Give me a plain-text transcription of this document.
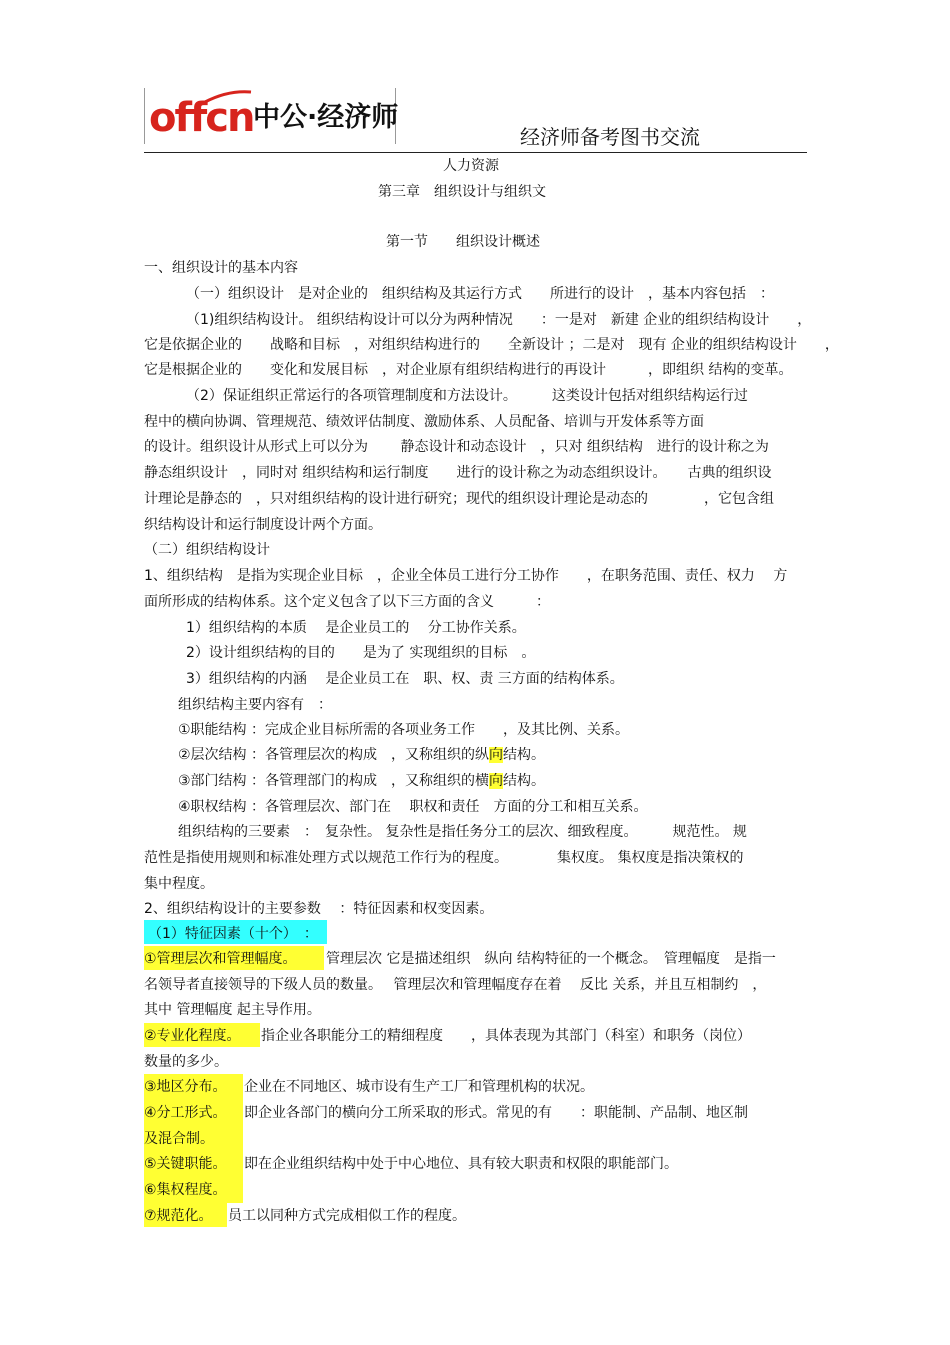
offcn 中公·经济师
经济师备考图书交流
人力资源
第三章　组织设计与组织文
第一节　　组织设计概述
一、组织设计的基本内容
（一）组织设计　是对企业的　组织结构及其运行方式　　所进行的设计　，基本内容包括　：
（1)组织结构设计。 组织结构设计可以分为两种情况　　：一是对　新建 企业的组织结构设计　　，
它是依据企业的　　战略和目标　，对组织结构进行的　　全新设计 ；二是对　现有 企业的组织结构设计　　，
它是根据企业的　　变化和发展目标　，对企业原有组织结构进行的再设计　　　，即组织 结构的变革。
（2）保证组织正常运行的各项管理制度和方法设计。　　　这类设计包括对组织结构运行过
程中的横向协调、管理规范、绩效评估制度、激励体系、人员配备、培训与开发体系等方面
的设计。组织设计从形式上可以分为　　 静态设计和动态设计　，只对 组织结构　进行的设计称之为
静态组织设计　，同时对 组织结构和运行制度　　进行的设计称之为动态组织设计。　　古典的组织设
计理论是静态的　，只对组织结构的设计进行研究；现代的组织设计理论是动态的　　　　，它包含组
织结构设计和运行制度设计两个方面。
（二）组织结构设计
1、组织结构　是指为实现企业目标　，企业全体员工进行分工协作　　，在职务范围、责任、权力　 方
面所形成的结构体系。这个定义包含了以下三方面的含义　　　：
1）组织结构的本质　 是企业员工的　 分工协作关系。
2）设计组织结构的目的　　是为了 实现组织的目标　。
3）组织结构的内涵　 是企业员工在　职、权、责 三方面的结构体系。
组织结构主要内容有　：
①职能结构 ：完成企业目标所需的各项业务工作　　，及其比例、关系。
②层次结构 ：各管理层次的构成　，又称组织的纵向结构。
③部门结构 ：各管理部门的构成　，又称组织的横向结构。
④职权结构 ：各管理层次、部门在　 职权和责任　方面的分工和相互关系。
组织结构的三要素　：　复杂性。 复杂性是指任务分工的层次、细致程度。　　　规范性。 规
范性是指使用规则和标准处理方式以规范工作行为的程度。　　　　集权度。 集权度是指决策权的
集中程度。
2、组织结构设计的主要参数　 ：特征因素和权变因素。
（1）特征因素（十个）　：
①管理层次和管理幅度。 管理层次 它是描述组织　纵向 结构特征的一个概念。　管理幅度　是指一
名领导者直接领导的下级人员的数量。　 管理层次和管理幅度存在着　 反比 关系，并且互相制约　，
其中 管理幅度 起主导作用。
②专业化程度。 指企业各职能分工的精细程度　　，具体表现为其部门（科室）和职务（岗位）
数量的多少。
③地区分布。 企业在不同地区、城市设有生产工厂和管理机构的状况。
④分工形式。 即企业各部门的横向分工所采取的形式。常见的有　　：职能制、产品制、地区制
及混合制。
⑤关键职能。 即在企业组织结构中处于中心地位、具有较大职责和权限的职能部门。
⑥集权程度。
⑦规范化。 员工以同种方式完成相似工作的程度。
